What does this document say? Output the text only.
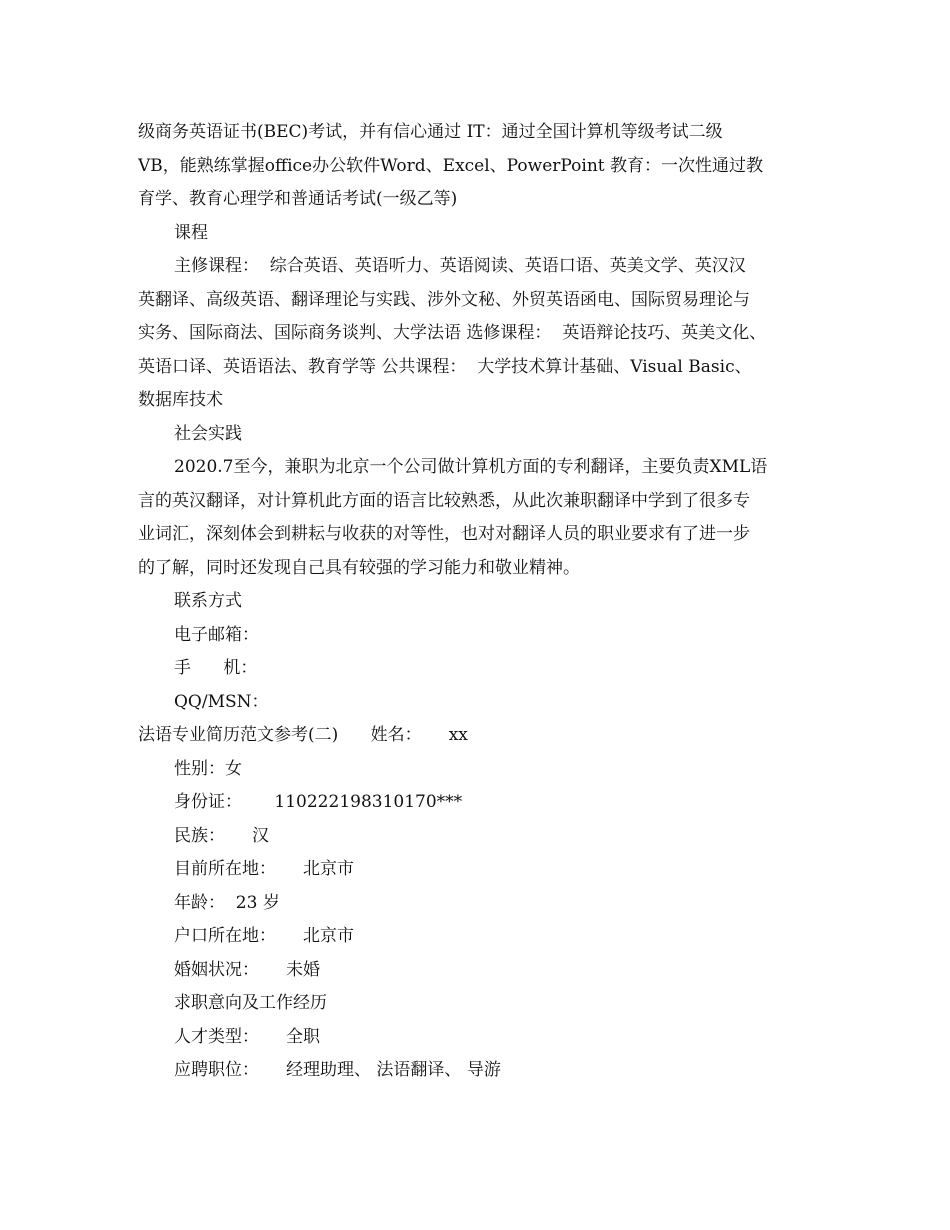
级商务英语证书(BEC)考试，并有信心通过 IT：通过全国计算机等级考试二级
VB，能熟练掌握office办公软件Word、Excel、PowerPoint 教育：一次性通过教
育学、教育心理学和普通话考试(一级乙等)
课程
主修课程：  综合英语、英语听力、英语阅读、英语口语、英美文学、英汉汉
英翻译、高级英语、翻译理论与实践、涉外文秘、外贸英语函电、国际贸易理论与
实务、国际商法、国际商务谈判、大学法语 选修课程：  英语辩论技巧、英美文化、
英语口译、英语语法、教育学等 公共课程：  大学技术算计基础、Visual Basic、
数据库技术
社会实践
2020.7至今，兼职为北京一个公司做计算机方面的专利翻译，主要负责XML语
言的英汉翻译，对计算机此方面的语言比较熟悉，从此次兼职翻译中学到了很多专
业词汇，深刻体会到耕耘与收获的对等性，也对对翻译人员的职业要求有了进一步
的了解，同时还发现自己具有较强的学习能力和敬业精神。
联系方式
电子邮箱：
手      机：
QQ/MSN：
法语专业简历范文参考(二)      姓名：     xx
性别：女
身份证：      110222198310170***
民族：     汉
目前所在地：     北京市
年龄：  23 岁
户口所在地：     北京市
婚姻状况：     未婚
求职意向及工作经历
人才类型：     全职
应聘职位：     经理助理、 法语翻译、 导游
